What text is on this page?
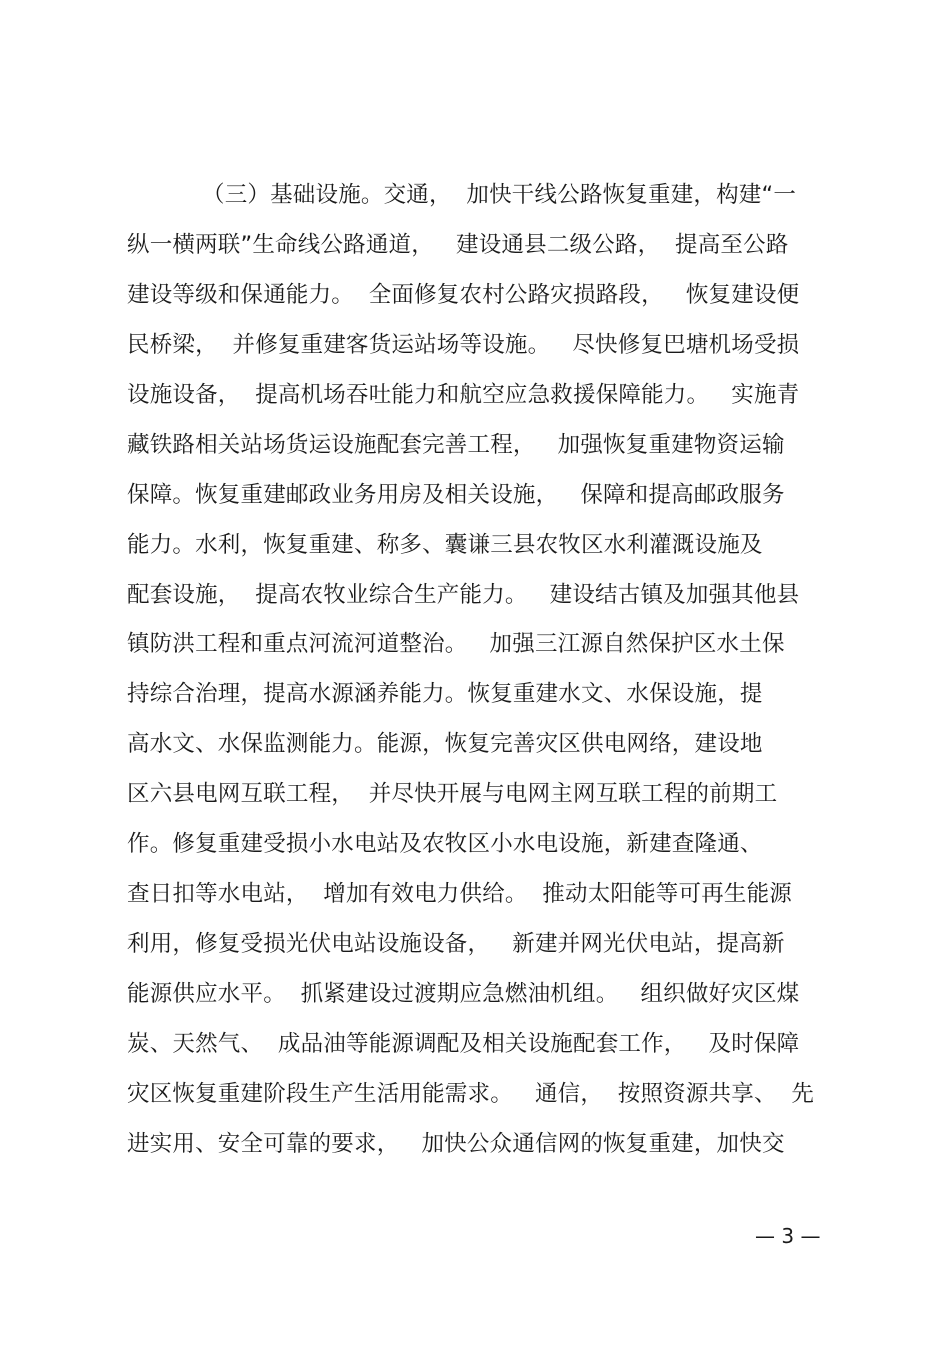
（三）基础设施。交通，  加快干线公路恢复重建，构建“一
纵一横两联”生命线公路通道，   建设通县二级公路，  提高至公路
建设等级和保通能力。  全面修复农村公路灾损路段，   恢复建设便
民桥梁，  并修复重建客货运站场等设施。   尽快修复巴塘机场受损
设施设备，  提高机场吞吐能力和航空应急救援保障能力。   实施青
藏铁路相关站场货运设施配套完善工程，   加强恢复重建物资运输
保障。恢复重建邮政业务用房及相关设施，   保障和提高邮政服务
能力。水利，恢复重建、称多、囊谦三县农牧区水利灌溉设施及
配套设施，  提高农牧业综合生产能力。   建设结古镇及加强其他县
镇防洪工程和重点河流河道整治。   加强三江源自然保护区水土保
持综合治理，提高水源涵养能力。恢复重建水文、水保设施，提
高水文、水保监测能力。能源，恢复完善灾区供电网络，建设地
区六县电网互联工程，  并尽快开展与电网主网互联工程的前期工
作。修复重建受损小水电站及农牧区小水电设施，新建查隆通、
查日扣等水电站，  增加有效电力供给。  推动太阳能等可再生能源
利用，修复受损光伏电站设施设备，   新建并网光伏电站，提高新
能源供应水平。  抓紧建设过渡期应急燃油机组。   组织做好灾区煤
炭、天然气、  成品油等能源调配及相关设施配套工作，   及时保障
灾区恢复重建阶段生产生活用能需求。   通信，  按照资源共享、  先
进实用、安全可靠的要求，   加快公众通信网的恢复重建，加快交
— 3 —
